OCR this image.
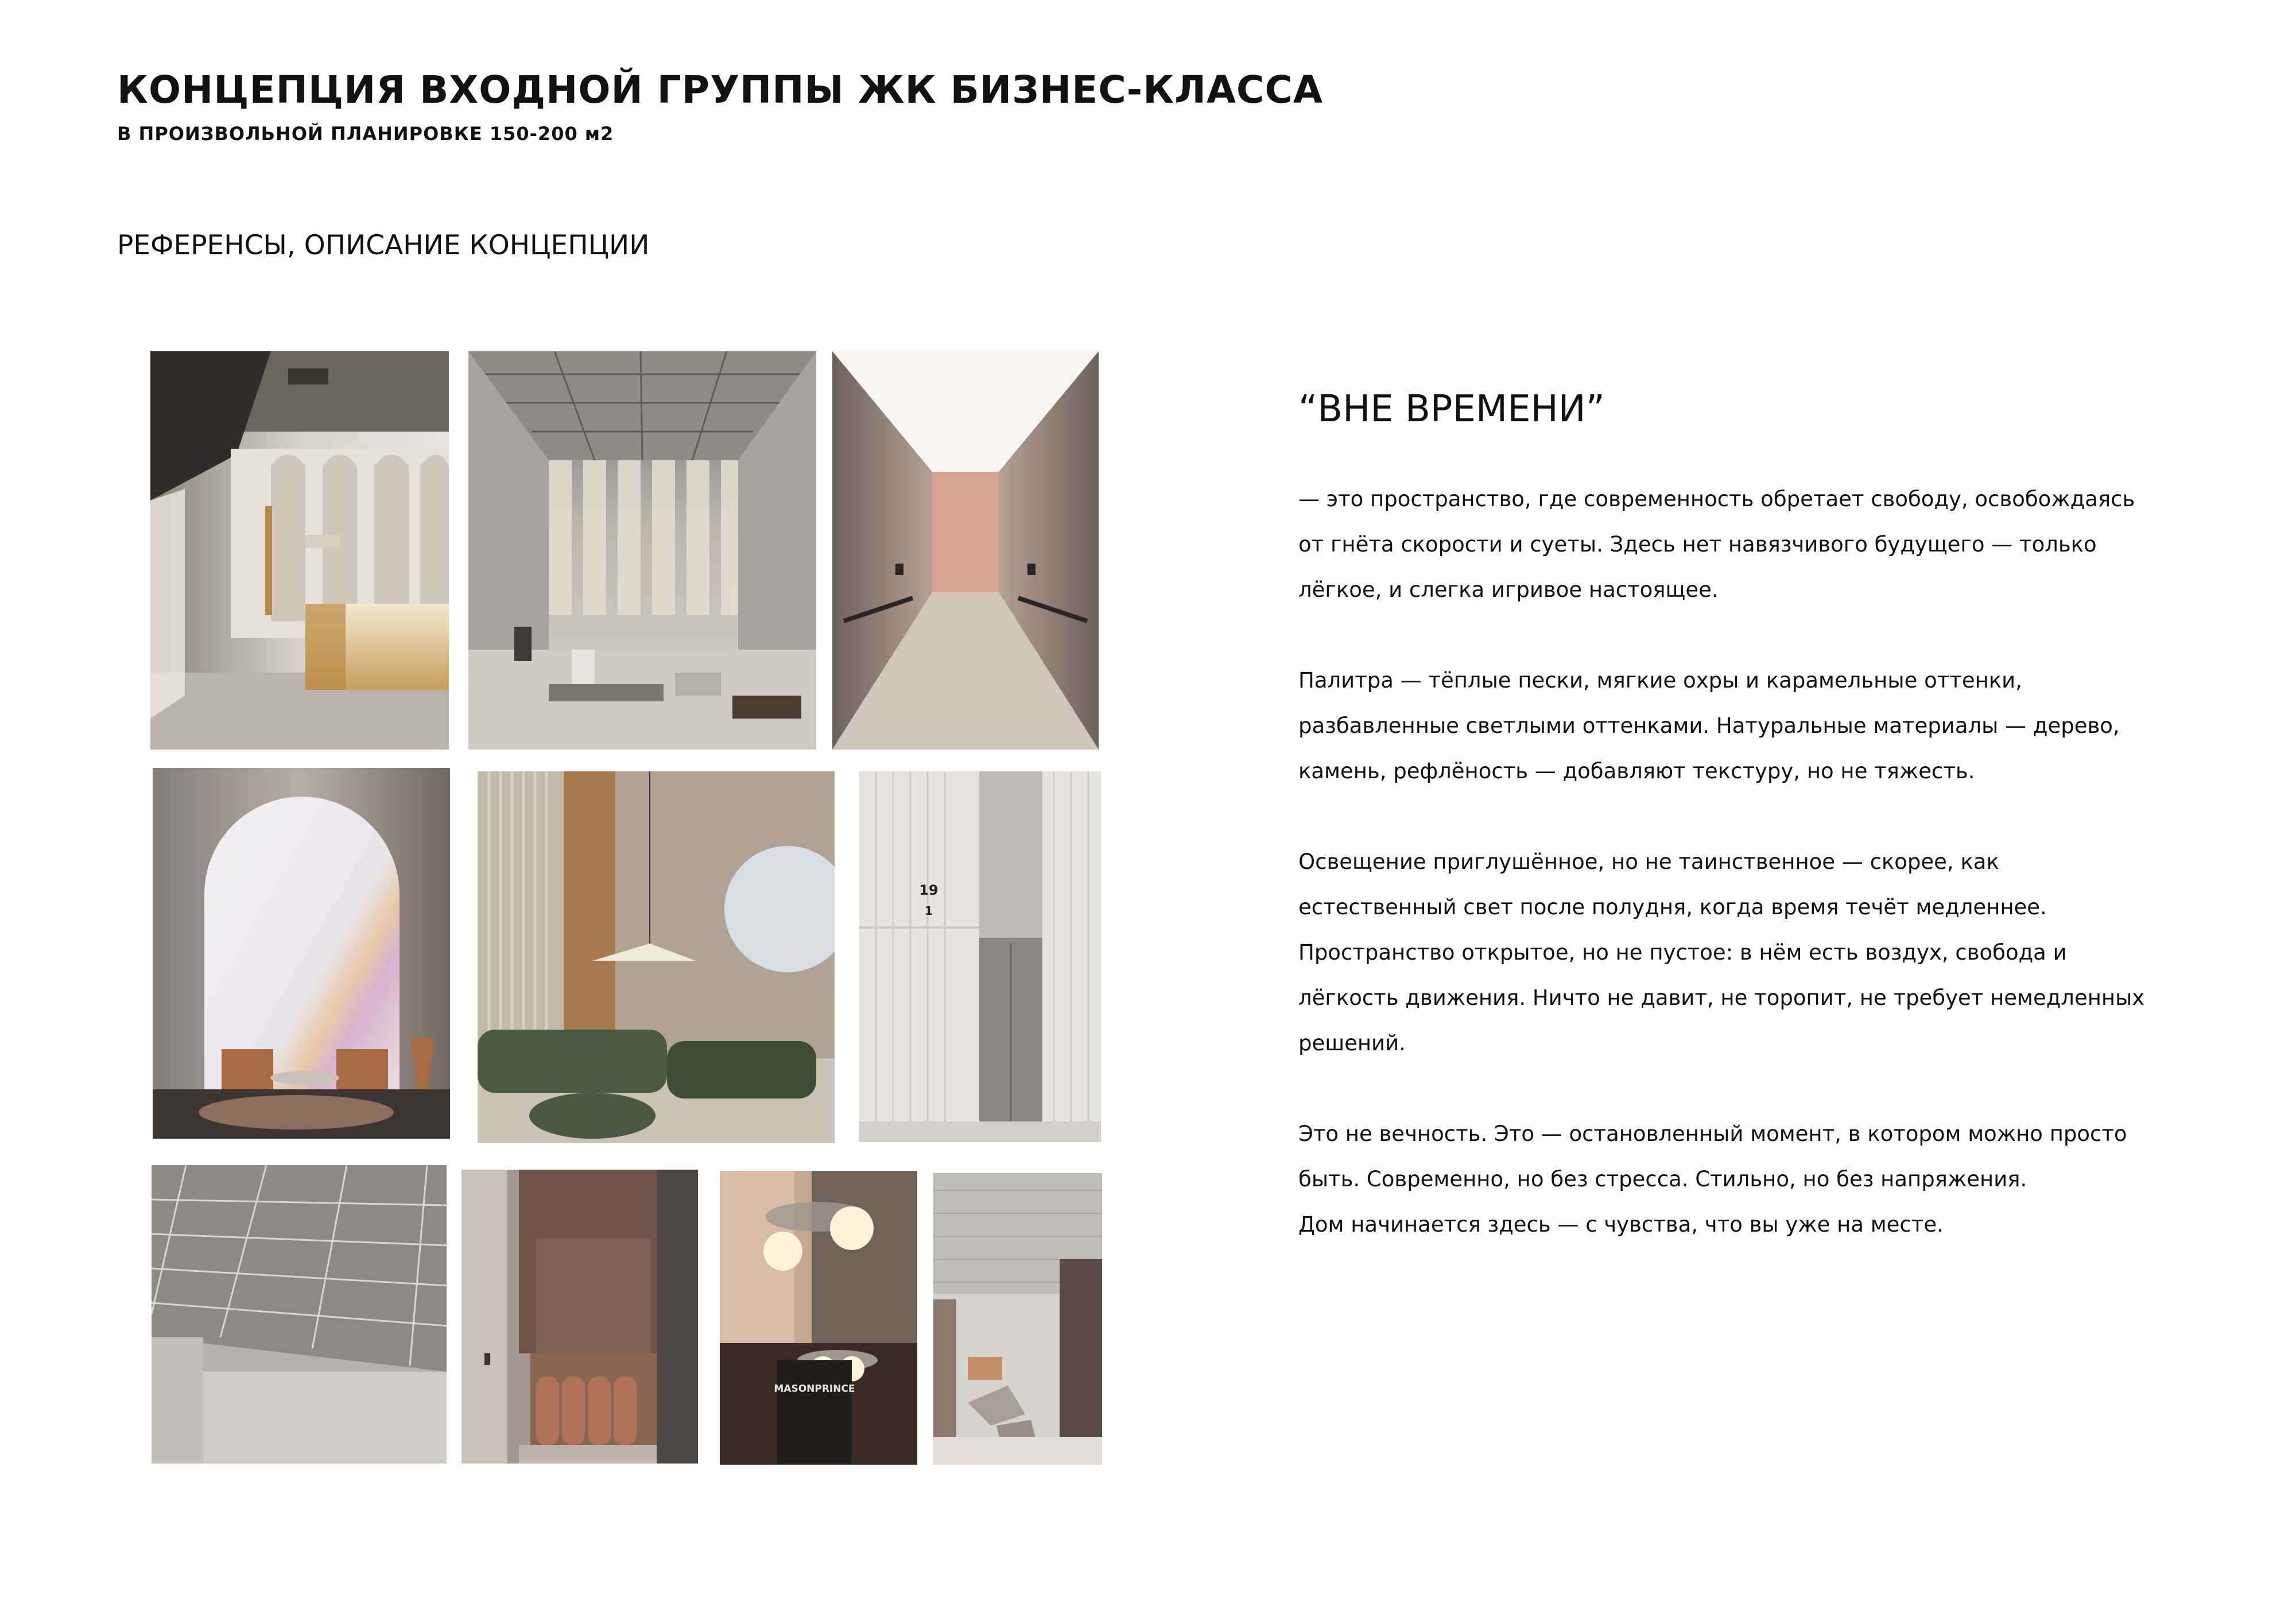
КОНЦЕПЦИЯ ВХОДНОЙ ГРУППЫ ЖК БИЗНЕС-КЛАССА
В ПРОИЗВОЛЬНОЙ ПЛАНИРОВКЕ 150-200 м2
РЕФЕРЕНСЫ, ОПИСАНИЕ КОНЦЕПЦИИ
19
1
MASONPRINCE
“ВНЕ ВРЕМЕНИ”

— это пространство, где современность обретает свободу, освобождаясь
от гнёта скорости и суеты. Здесь нет навязчивого будущего — только
лёгкое, и слегка игривое настоящее.

Палитра — тёплые пески, мягкие охры и карамельные оттенки,
разбавленные светлыми оттенками. Натуральные материалы — дерево,
камень, рефлёность — добавляют текстуру, но не тяжесть.

Освещение приглушённое, но не таинственное — скорее, как
естественный свет после полудня, когда время течёт медленнее.
Пространство открытое, но не пустое: в нём есть воздух, свобода и
лёгкость движения. Ничто не давит, не торопит, не требует немедленных
решений.

Это не вечность. Это — остановленный момент, в котором можно просто
быть. Современно, но без стресса. Стильно, но без напряжения.
Дом начинается здесь — с чувства, что вы уже на месте.
